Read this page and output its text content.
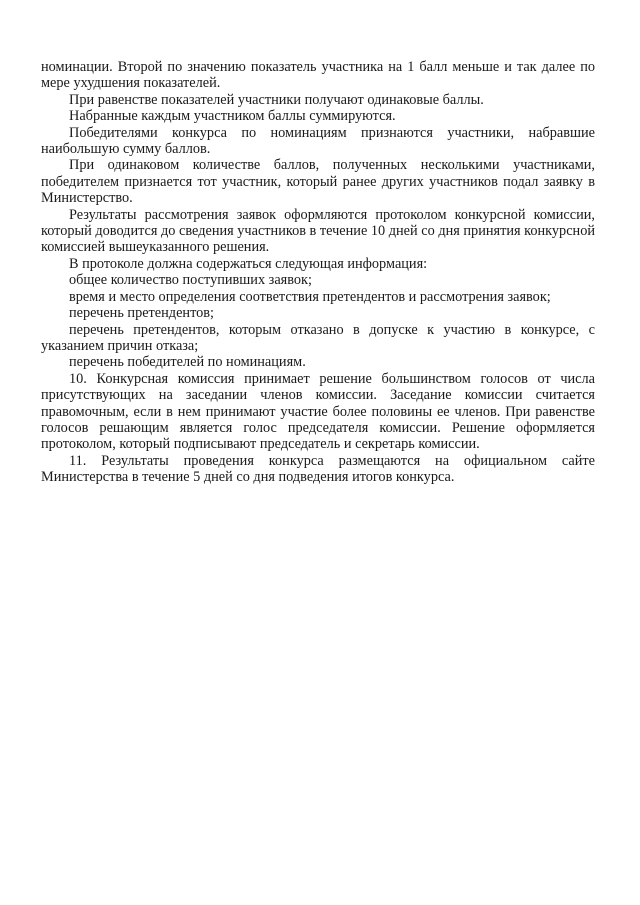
номинации. Второй по значению показатель участника на 1 балл меньше и так далее по мере ухудшения показателей.

При равенстве показателей участники получают одинаковые баллы.

Набранные каждым участником баллы суммируются.

Победителями конкурса по номинациям признаются участники, набравшие наибольшую сумму баллов.

При одинаковом количестве баллов, полученных несколькими участниками, победителем признается тот участник, который ранее других участников подал заявку в Министерство.

Результаты рассмотрения заявок оформляются протоколом конкурсной комиссии, который доводится до сведения участников в течение 10 дней со дня принятия конкурсной комиссией вышеуказанного решения.

В протоколе должна содержаться следующая информация:

общее количество поступивших заявок;

время и место определения соответствия претендентов и рассмотрения заявок;

перечень претендентов;

перечень претендентов, которым отказано в допуске к участию в конкурсе, с указанием причин отказа;

перечень победителей по номинациям.

10. Конкурсная комиссия принимает решение большинством голосов от числа присутствующих на заседании членов комиссии. Заседание комиссии считается правомочным, если в нем принимают участие более половины ее членов. При равенстве голосов решающим является голос председателя комиссии. Решение оформляется протоколом, который подписывают председатель и секретарь комиссии.

11. Результаты проведения конкурса размещаются на официальном сайте Министерства в течение 5 дней со дня подведения итогов конкурса.
